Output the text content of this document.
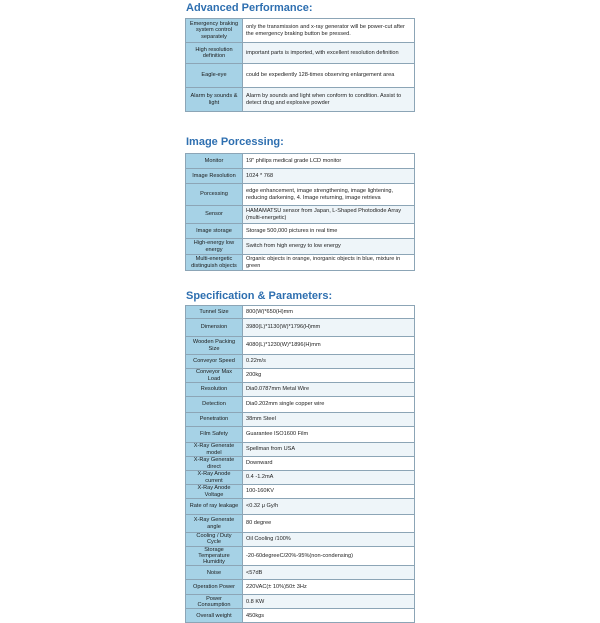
Advanced Performance:
Emergency braking system control separately	only the transmission and x-ray generator will be power-cut after the emergency braking button be pressed.
High resolution definition	important parts is imported, with excellent resolution definition
Eagle-eye	could be expediently 128-times observing enlargement area
Alarm by sounds & light	Alarm by sounds and light when conform to condition. Assist to detect drug and explosive powder
Image Porcessing:
Monitor	19" philips medical grade LCD monitor
Image Resolution	1024 * 768
Porcessing	edge enhancement, image strengthening, image lightening, reducing darkening, 4. Image returning, image retrieva
Sensor	HAMAMATSU sensor from Japan, L-Shaped Photodiode Array (multi-energetic)
Image storage	Storage 500,000 pictures in real time
High-energy low energy	Switch from high energy to low energy
Multi-energetic distinguish objects	Organic objects in orange, inorganic objects in blue, mixture in green
Specification & Parameters:
Tunnel Size	800(W)*650(H)mm
Dimension	3980(L)*1130(W)*1796(H)mm
Wooden Packing Size	4080(L)*1230(W)*1896(H)mm
Conveyor Speed	0.22m/s
Conveyor Max Load	200kg
Resolution	Dia0.0787mm Metal Wire
Detection	Dia0.202mm single copper wire
Penetration	38mm Steel
Film Safety	Guarantee ISO1600 Film
X-Ray Generate model	Spellman from USA
X-Ray Generate direct	Downward
X-Ray Anode current	0.4 -1.2mA
X-Ray Anode Voltage	100-160KV
Rate of ray leakage	<0.32 μ Gy/h
X-Ray Generate angle	80 degree
Cooling / Duty Cycle	Oil Cooling /100%
Storage Temperature Humidity	-20-60degreeC/20%-95%(non-condensing)
Noise	<57dB
Operation Power	220VAC(± 10%)50± 3Hz
Power Consumption	0.8 KW
Overall weight	450kgs
